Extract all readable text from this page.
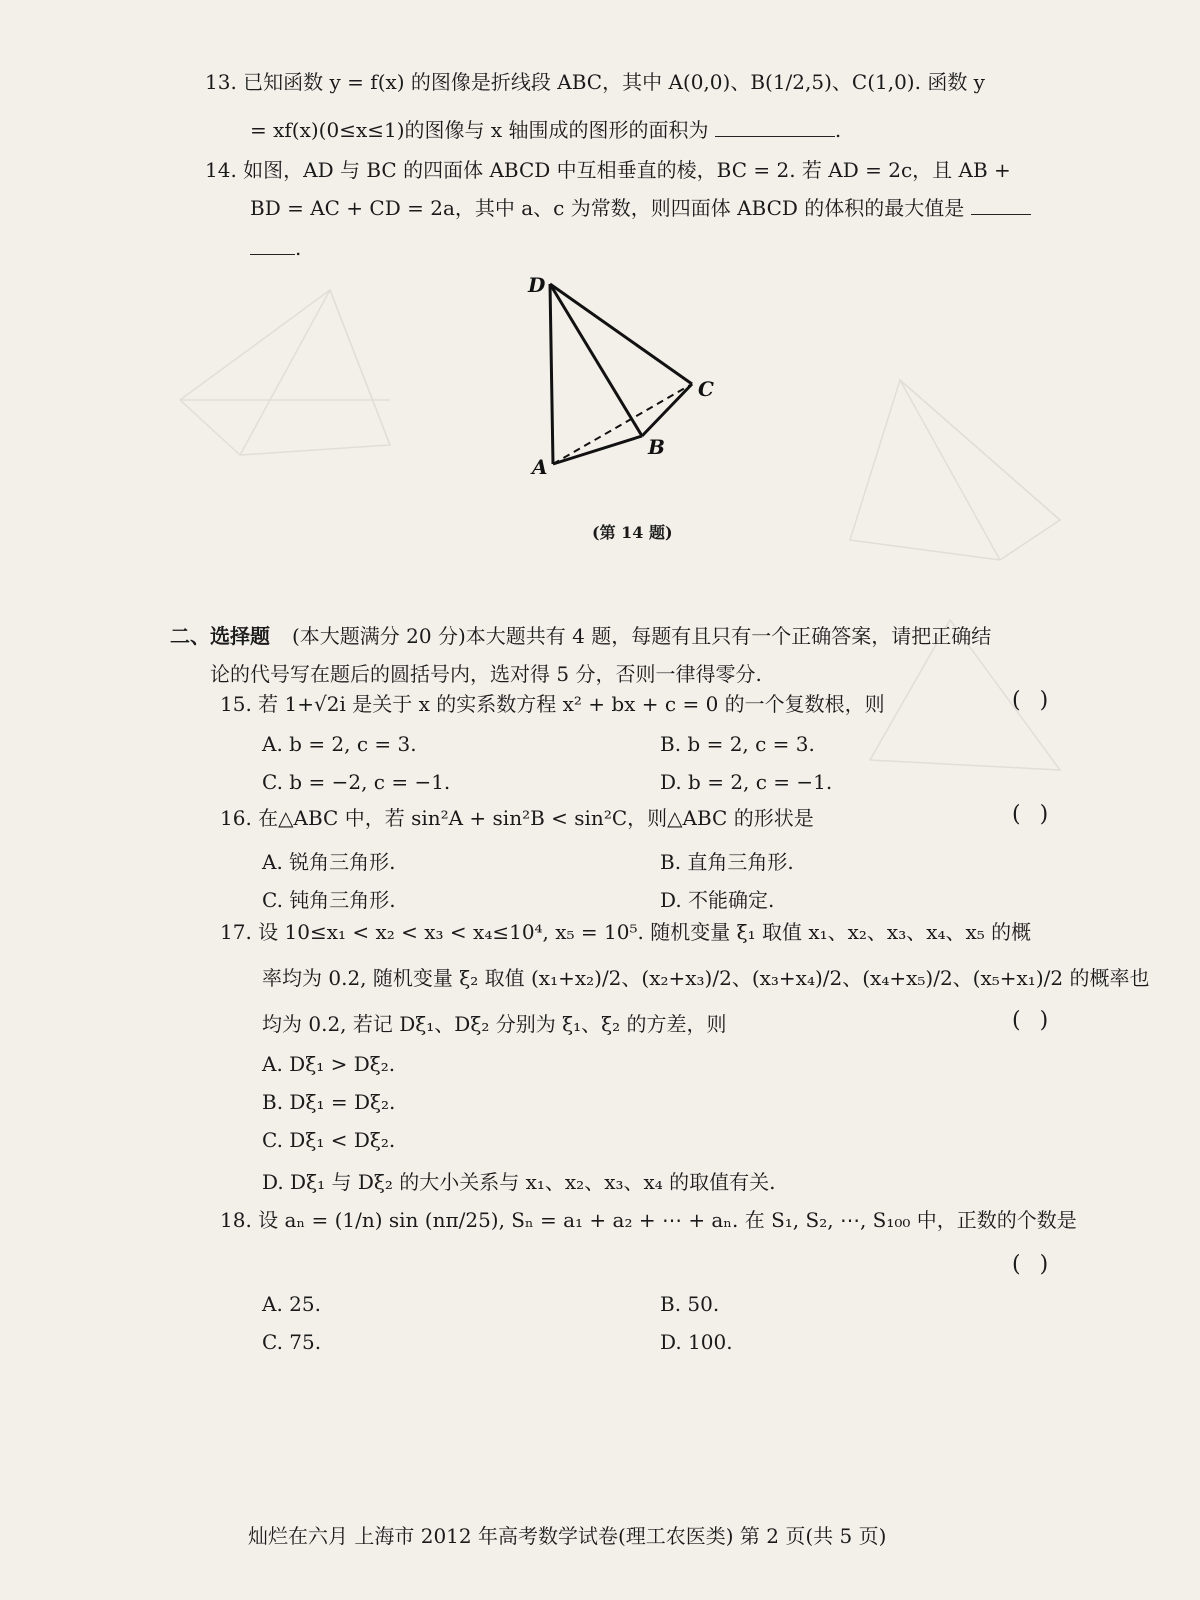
13. 已知函数 y = f(x) 的图像是折线段 ABC，其中 A(0,0)、B(1/2,5)、C(1,0). 函数 y
= xf(x)(0≤x≤1)的图像与 x 轴围成的图形的面积为	.
14. 如图，AD 与 BC 的四面体 ABCD 中互相垂直的棱，BC = 2. 若 AD = 2c，且 AB +
BD = AC + CD = 2a，其中 a、c 为常数，则四面体 ABCD 的体积的最大值是
.
D
C
B
A
(第 14 题)
二、选择题 (本大题满分 20 分)本大题共有 4 题，每题有且只有一个正确答案，请把正确结
论的代号写在题后的圆括号内，选对得 5 分，否则一律得零分.
15. 若 1+√2i 是关于 x 的实系数方程 x² + bx + c = 0 的一个复数根，则	( )
A. b = 2, c = 3.	B. b = 2, c = 3.
C. b = −2, c = −1.	D. b = 2, c = −1.
16. 在△ABC 中，若 sin²A + sin²B < sin²C，则△ABC 的形状是	( )
A. 锐角三角形.	B. 直角三角形.
C. 钝角三角形.	D. 不能确定.
17. 设 10≤x₁ < x₂ < x₃ < x₄≤10⁴, x₅ = 10⁵. 随机变量 ξ₁ 取值 x₁、x₂、x₃、x₄、x₅ 的概
率均为 0.2, 随机变量 ξ₂ 取值 (x₁+x₂)/2、(x₂+x₃)/2、(x₃+x₄)/2、(x₄+x₅)/2、(x₅+x₁)/2 的概率也
均为 0.2, 若记 Dξ₁、Dξ₂ 分别为 ξ₁、ξ₂ 的方差，则	( )
A. Dξ₁ > Dξ₂.
B. Dξ₁ = Dξ₂.
C. Dξ₁ < Dξ₂.
D. Dξ₁ 与 Dξ₂ 的大小关系与 x₁、x₂、x₃、x₄ 的取值有关.
18. 设 aₙ = (1/n) sin (nπ/25), Sₙ = a₁ + a₂ + ⋯ + aₙ. 在 S₁, S₂, ⋯, S₁₀₀ 中，正数的个数是
( )
A. 25.	B. 50.
C. 75.	D. 100.
灿烂在六月 上海市 2012 年高考数学试卷(理工农医类) 第 2 页(共 5 页)
